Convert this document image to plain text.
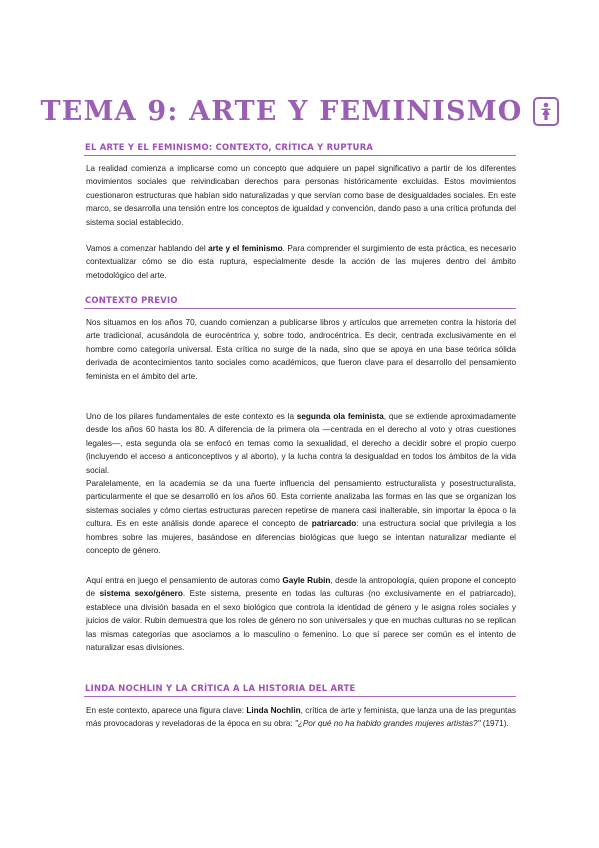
TEMA 9: ARTE Y FEMINISMO
EL ARTE Y EL FEMINISMO: CONTEXTO, CRÍTICA Y RUPTURA

La realidad comienza a implicarse como un concepto que adquiere un papel significativo a partir de los diferentes movimientos sociales que reivindicaban derechos para personas históricamente excluidas. Estos movimientos cuestionaron estructuras que habían sido naturalizadas y que servían como base de desigualdades sociales. En este marco, se desarrolla una tensión entre los conceptos de igualdad y convención, dando paso a una crítica profunda del sistema social establecido.

Vamos a comenzar hablando del arte y el feminismo. Para comprender el surgimiento de esta práctica, es necesario contextualizar cómo se dio esta ruptura, especialmente desde la acción de las mujeres dentro del ámbito metodológico del arte.

CONTEXTO PREVIO

Nos situamos en los años 70, cuando comienzan a publicarse libros y artículos que arremeten contra la historia del arte tradicional, acusándola de eurocéntrica y, sobre todo, androcéntrica. Es decir, centrada exclusivamente en el hombre como categoría universal. Esta crítica no surge de la nada, sino que se apoya en una base teórica sólida derivada de acontecimientos tanto sociales como académicos, que fueron clave para el desarrollo del pensamiento feminista en el ámbito del arte.

Uno de los pilares fundamentales de este contexto es la segunda ola feminista, que se extiende aproximadamente desde los años 60 hasta los 80. A diferencia de la primera ola —centrada en el derecho al voto y otras cuestiones legales—, esta segunda ola se enfocó en temas como la sexualidad, el derecho a decidir sobre el propio cuerpo (incluyendo el acceso a anticonceptivos y al aborto), y la lucha contra la desigualdad en todos los ámbitos de la vida social.

Paralelamente, en la academia se da una fuerte influencia del pensamiento estructuralista y posestructuralista, particularmente el que se desarrolló en los años 60. Esta corriente analizaba las formas en las que se organizan los sistemas sociales y cómo ciertas estructuras parecen repetirse de manera casi inalterable, sin importar la época o la cultura. Es en este análisis donde aparece el concepto de patriarcado: una estructura social que privilegia a los hombres sobre las mujeres, basándose en diferencias biológicas que luego se intentan naturalizar mediante el concepto de género.

Aquí entra en juego el pensamiento de autoras como Gayle Rubin, desde la antropología, quien propone el concepto de sistema sexo/género. Este sistema, presente en todas las culturas (no exclusivamente en el patriarcado), establece una división basada en el sexo biológico que controla la identidad de género y le asigna roles sociales y juicios de valor. Rubin demuestra que los roles de género no son universales y que en muchas culturas no se replican las mismas categorías que asociamos a lo masculino o femenino. Lo que sí parece ser común es el intento de naturalizar esas divisiones.

LINDA NOCHLIN Y LA CRÍTICA A LA HISTORIA DEL ARTE

En este contexto, aparece una figura clave: Linda Nochlin, crítica de arte y feminista, que lanza una de las preguntas más provocadoras y reveladoras de la época en su obra: "¿Por qué no ha habido grandes mujeres artistas?" (1971).
